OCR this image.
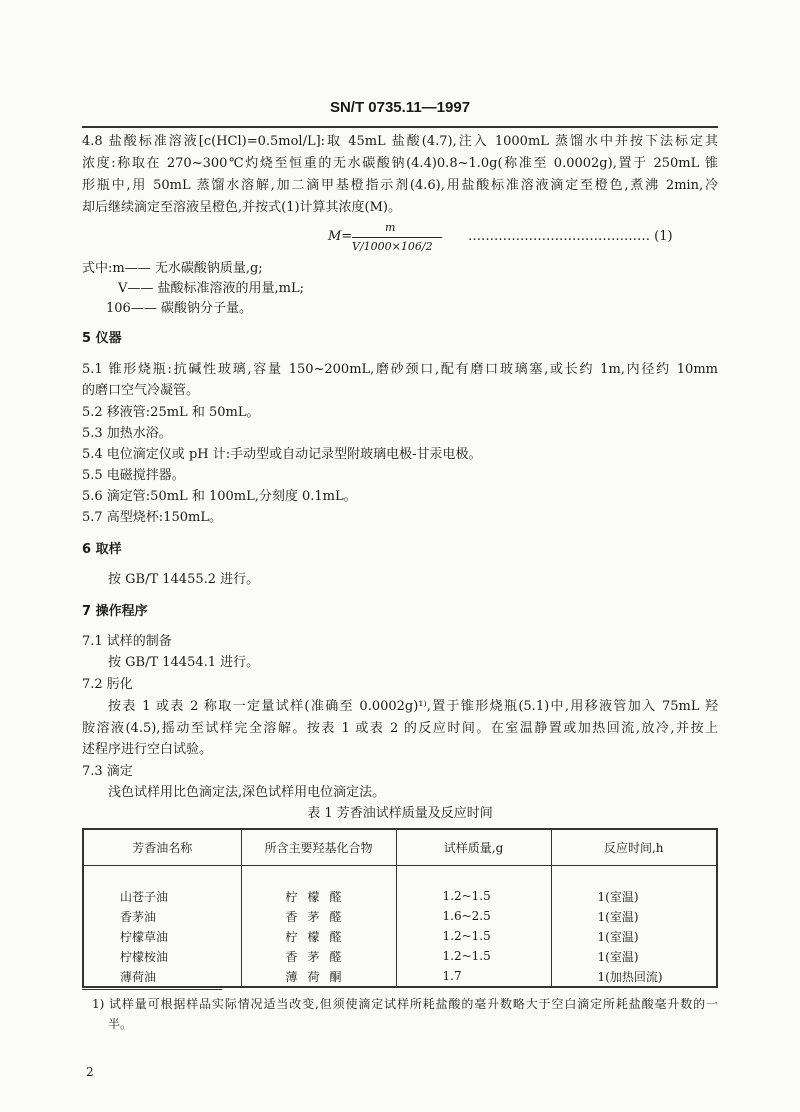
SN/T 0735.11—1997
4.8 盐酸标准溶液[c(HCl)=0.5mol/L]:取 45mL 盐酸(4.7),注入 1000mL 蒸馏水中并按下法标定其
浓度:称取在 270~300℃灼烧至恒重的无水碳酸钠(4.4)0.8~1.0g(称准至 0.0002g),置于 250mL 锥
形瓶中,用 50mL 蒸馏水溶解,加二滴甲基橙指示剂(4.6),用盐酸标准溶液滴定至橙色,煮沸 2min,冷
却后继续滴定至溶液呈橙色,并按式(1)计算其浓度(M)。
M=
m
V/1000×106/2
…………………………………… (1)
式中:m—— 无水碳酸钠质量,g;
V—— 盐酸标准溶液的用量,mL;
106—— 碳酸钠分子量。
5 仪器
5.1 锥形烧瓶:抗碱性玻璃,容量 150~200mL,磨砂颈口,配有磨口玻璃塞,或长约 1m,内径约 10mm
的磨口空气冷凝管。
5.2 移液管:25mL 和 50mL。
5.3 加热水浴。
5.4 电位滴定仪或 pH 计:手动型或自动记录型附玻璃电极-甘汞电极。
5.5 电磁搅拌器。
5.6 滴定管:50mL 和 100mL,分刻度 0.1mL。
5.7 高型烧杯:150mL。
6 取样
按 GB/T 14455.2 进行。
7 操作程序
7.1 试样的制备
按 GB/T 14454.1 进行。
7.2 肟化
按表 1 或表 2 称取一定量试样(准确至 0.0002g)¹⁾,置于锥形烧瓶(5.1)中,用移液管加入 75mL 羟
胺溶液(4.5),摇动至试样完全溶解。按表 1 或表 2 的反应时间。在室温静置或加热回流,放冷,并按上
述程序进行空白试验。
7.3 滴定
浅色试样用比色滴定法,深色试样用电位滴定法。
表 1 芳香油试样质量及反应时间
芳香油名称	所含主要羟基化合物	试样质量,g	反应时间,h

山苍子油	柠檬醛	1.2~1.5	1(室温)
香茅油	香茅醛	1.6~2.5	1(室温)
柠檬草油	柠檬醛	1.2~1.5	1(室温)
柠檬桉油	香茅醛	1.2~1.5	1(室温)
薄荷油	薄荷酮	1.7	1(加热回流)
1) 试样量可根据样品实际情况适当改变,但须使滴定试样所耗盐酸的毫升数略大于空白滴定所耗盐酸毫升数的一
半。
2
